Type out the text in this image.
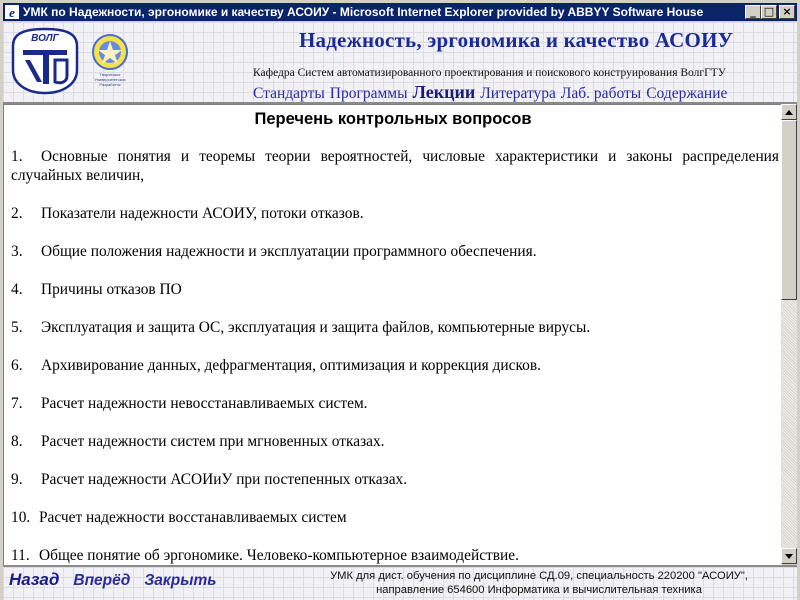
e УМК по Надежности, эргономике и качеству АСОИУ - Microsoft Internet Explorer provided by ABBYY Software House	_ □ ×
ВОЛГ
Творческих Университетских Разработок
Надежность, эргономика и качество АСОИУ
Кафедра Систем автоматизированного проектирования и поискового конструирования ВолгГТУ
Стандарты Программы Лекции Литература Лаб. работы Содержание
Перечень контрольных вопросов
1. Основные понятия и теоремы теории вероятностей, числовые характеристики и законы распределения случайных величин,
2. Показатели надежности АСОИУ, потоки отказов.
3. Общие положения надежности и эксплуатации программного обеспечения.
4. Причины отказов ПО
5. Эксплуатация и защита ОС, эксплуатация и защита файлов, компьютерные вирусы.
6. Архивирование данных, дефрагментация, оптимизация и коррекция дисков.
7. Расчет надежности невосстанавливаемых систем.
8. Расчет надежности систем при мгновенных отказах.
9. Расчет надежности АСОИиУ при постепенных отказах.
10. Расчет надежности восстанавливаемых систем
11. Общее понятие об эргономике. Человеко-компьютерное взаимодействие.
Назад Вперёд Закрыть	УМК для дист. обучения по дисциплине СД.09, специальность 220200 "АСОИУ",
направление 654600 Информатика и вычислительная техника
